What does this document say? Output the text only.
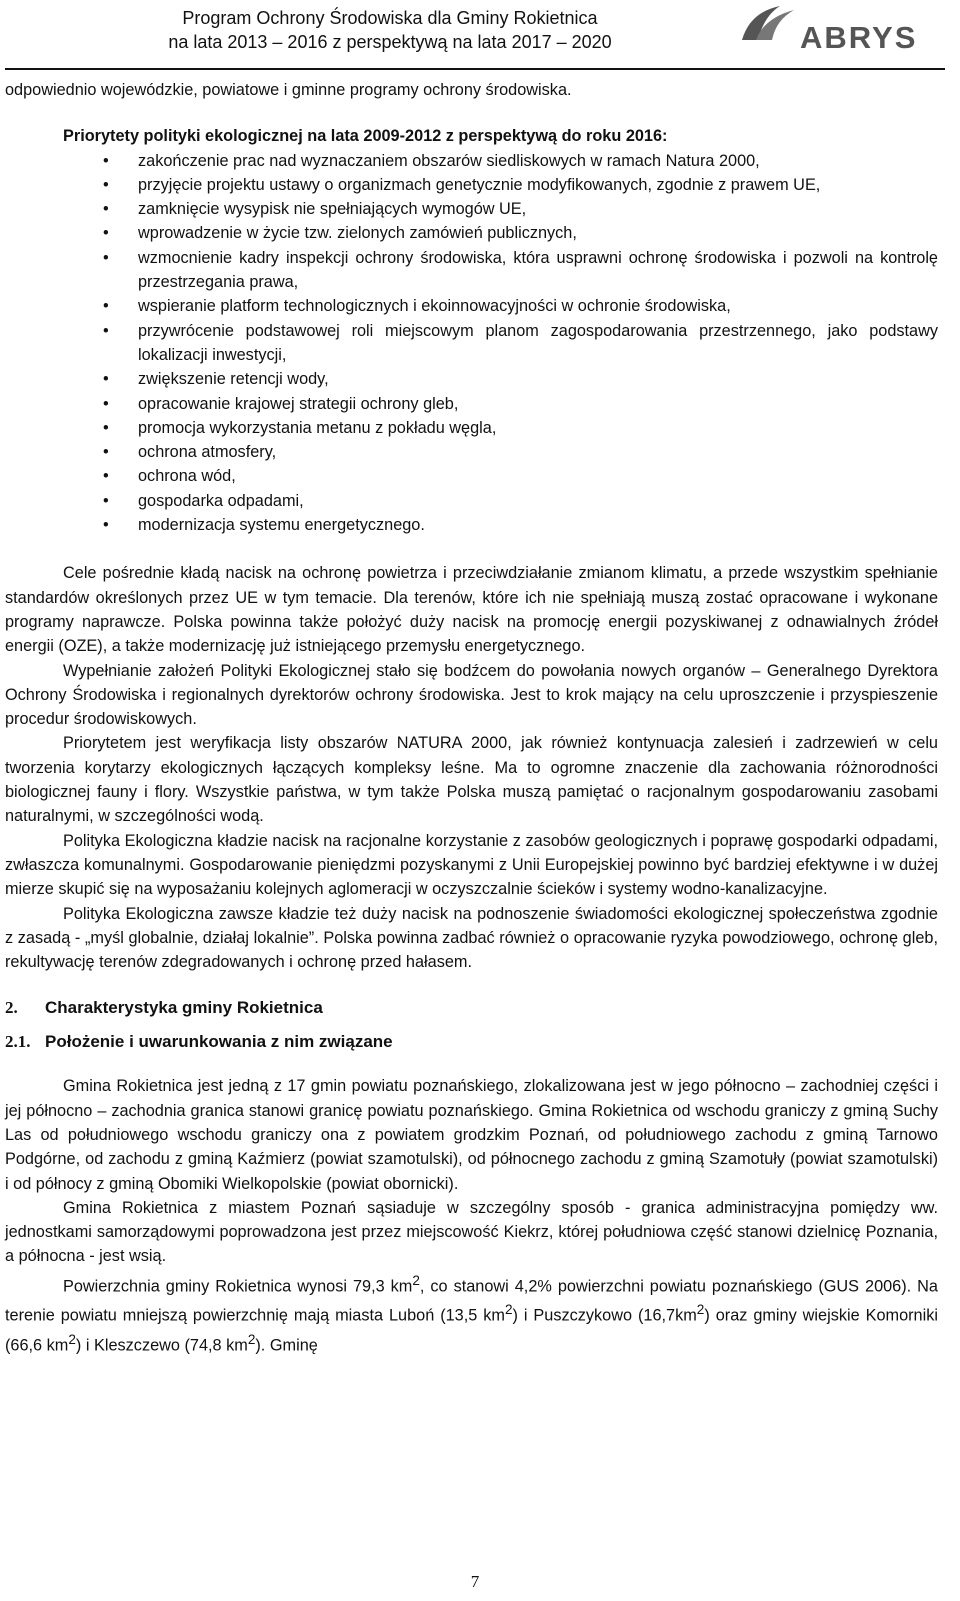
Program Ochrony Środowiska dla Gminy Rokietnica
na lata 2013 – 2016 z perspektywą na lata 2017 – 2020	ABRYS

odpowiednio wojewódzkie, powiatowe i gminne programy ochrony środowiska.

Priorytety polityki ekologicznej na lata 2009-2012 z perspektywą do roku 2016:

• zakończenie prac nad wyznaczaniem obszarów siedliskowych w ramach Natura 2000,
• przyjęcie projektu ustawy o organizmach genetycznie modyfikowanych, zgodnie z prawem UE,
• zamknięcie wysypisk nie spełniających wymogów UE,
• wprowadzenie w życie tzw. zielonych zamówień publicznych,
• wzmocnienie kadry inspekcji ochrony środowiska, która usprawni ochronę środowiska i pozwoli na kontrolę przestrzegania prawa,
• wspieranie platform technologicznych i ekoinnowacyjności w ochronie środowiska,
• przywrócenie podstawowej roli miejscowym planom zagospodarowania przestrzennego, jako podstawy lokalizacji inwestycji,
• zwiększenie retencji wody,
• opracowanie krajowej strategii ochrony gleb,
• promocja wykorzystania metanu z pokładu węgla,
• ochrona atmosfery,
• ochrona wód,
• gospodarka odpadami,
• modernizacja systemu energetycznego.

Cele pośrednie kładą nacisk na ochronę powietrza i przeciwdziałanie zmianom klimatu, a przede wszystkim spełnianie standardów określonych przez UE w tym temacie. Dla terenów, które ich nie spełniają muszą zostać opracowane i wykonane programy naprawcze. Polska powinna także położyć duży nacisk na promocję energii pozyskiwanej z odnawialnych źródeł energii (OZE), a także modernizację już istniejącego przemysłu energetycznego.

Wypełnianie założeń Polityki Ekologicznej stało się bodźcem do powołania nowych organów – Generalnego Dyrektora Ochrony Środowiska i regionalnych dyrektorów ochrony środowiska. Jest to krok mający na celu uproszczenie i przyspieszenie procedur środowiskowych.

Priorytetem jest weryfikacja listy obszarów NATURA 2000, jak również kontynuacja zalesień i zadrzewień w celu tworzenia korytarzy ekologicznych łączących kompleksy leśne. Ma to ogromne znaczenie dla zachowania różnorodności biologicznej fauny i flory. Wszystkie państwa, w tym także Polska muszą pamiętać o racjonalnym gospodarowaniu zasobami naturalnymi, w szczególności wodą.

Polityka Ekologiczna kładzie nacisk na racjonalne korzystanie z zasobów geologicznych i poprawę gospodarki odpadami, zwłaszcza komunalnymi. Gospodarowanie pieniędzmi pozyskanymi z Unii Europejskiej powinno być bardziej efektywne i w dużej mierze skupić się na wyposażaniu kolejnych aglomeracji w oczyszczalnie ścieków i systemy wodno-kanalizacyjne.

Polityka Ekologiczna zawsze kładzie też duży nacisk na podnoszenie świadomości ekologicznej społeczeństwa zgodnie z zasadą - „myśl globalnie, działaj lokalnie”. Polska powinna zadbać również o opracowanie ryzyka powodziowego, ochronę gleb, rekultywację terenów zdegradowanych i ochronę przed hałasem.

2. Charakterystyka gminy Rokietnica
2.1. Położenie i uwarunkowania z nim związane

Gmina Rokietnica jest jedną z 17 gmin powiatu poznańskiego, zlokalizowana jest w jego północno – zachodniej części i jej północno – zachodnia granica stanowi granicę powiatu poznańskiego. Gmina Rokietnica od wschodu graniczy z gminą Suchy Las od południowego wschodu graniczy ona z powiatem grodzkim Poznań, od południowego zachodu z gminą Tarnowo Podgórne, od zachodu z gminą Kaźmierz (powiat szamotulski), od północnego zachodu z gminą Szamotuły (powiat szamotulski) i od północy z gminą Obomiki Wielkopolskie (powiat obornicki).

Gmina Rokietnica z miastem Poznań sąsiaduje w szczególny sposób - granica administracyjna pomiędzy ww. jednostkami samorządowymi poprowadzona jest przez miejscowość Kiekrz, której południowa część stanowi dzielnicę Poznania, a północna - jest wsią.

Powierzchnia gminy Rokietnica wynosi 79,3 $km^2$, co stanowi 4,2% powierzchni powiatu poznańskiego (GUS 2006). Na terenie powiatu mniejszą powierzchnię mają miasta Luboń (13,5 $km^2$) i Puszczykowo $(16,7km^2)$ oraz gminy wiejskie Komorniki (66,6 $km^2$) i Kleszczewo (74,8 $km^2$). Gminę

7
